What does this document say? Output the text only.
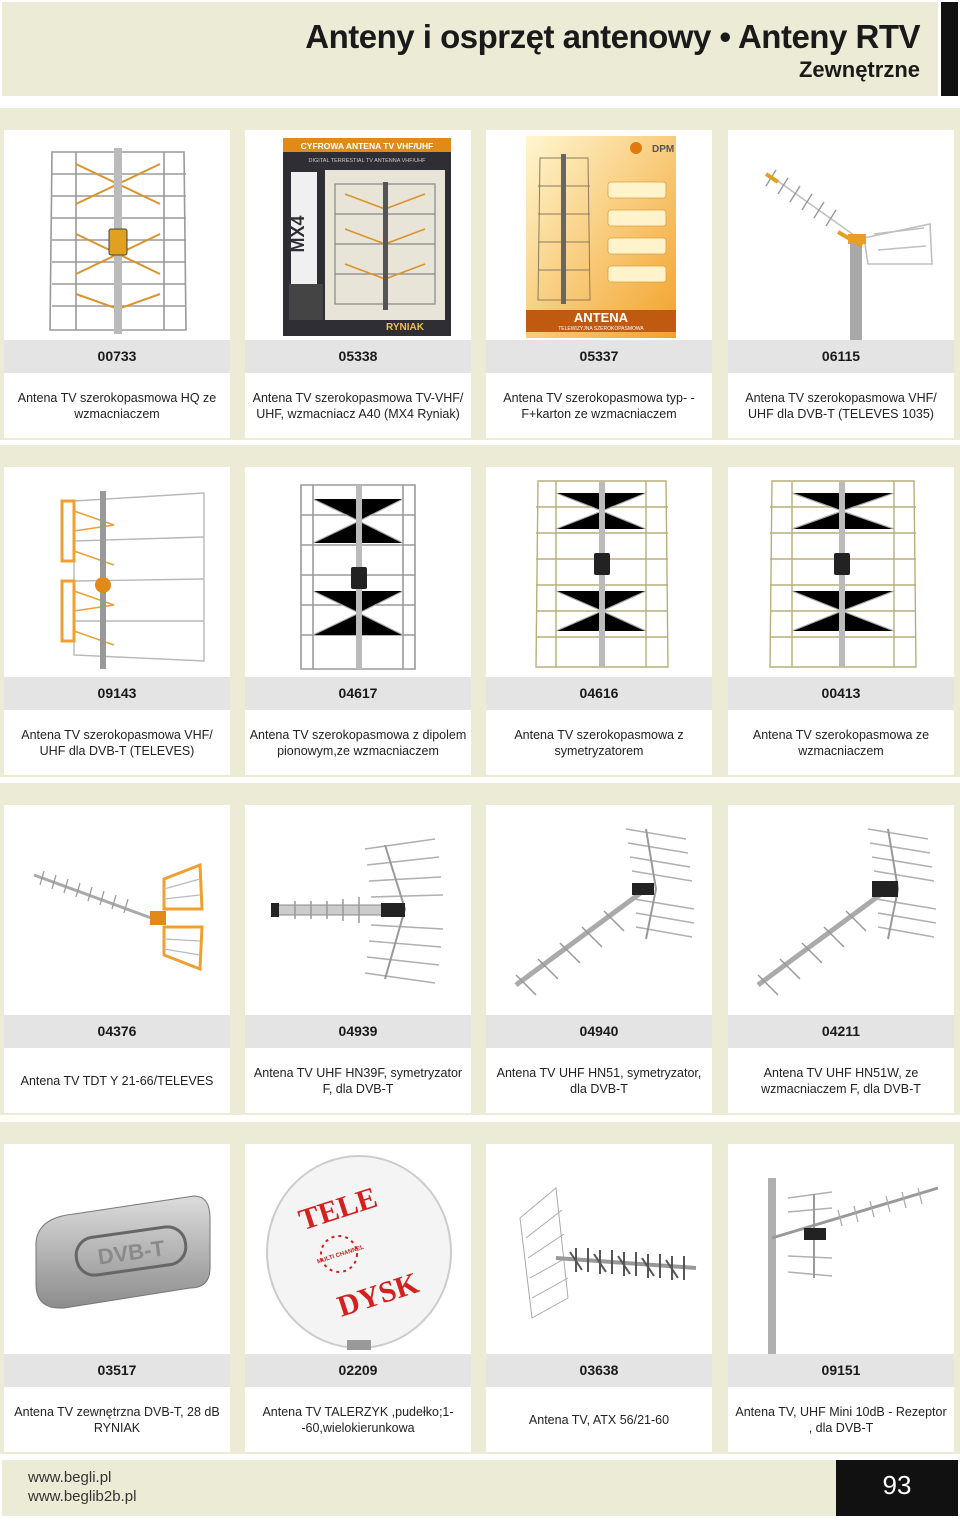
Anteny i osprzęt antenowy • Anteny RTV
Zewnętrzne
00733
Antena TV szerokopasmowa HQ ze wzmacniaczem
CYFROWA ANTENA TV VHF/UHF
DIGITAL TERRESTIAL TV ANTENNA VHF/UHF
MX4
RYNIAK
05338
Antena TV szerokopasmowa TV-VHF/ UHF, wzmacniacz A40 (MX4 Ryniak)
DPM
ANTENA
TELEWIZYJNA SZEROKOPASMOWA
05337
Antena TV szerokopasmowa typ- -F+karton ze wzmacniaczem
06115
Antena TV szerokopasmowa VHF/ UHF dla DVB-T (TELEVES 1035)
09143
Antena TV szerokopasmowa VHF/ UHF dla DVB-T (TELEVES)
04617
Antena TV szerokopasmowa z dipolem pionowym,ze wzmacniaczem
04616
Antena TV szerokopasmowa z symetryzatorem
00413
Antena TV szerokopasmowa ze wzmacniaczem
04376
Antena TV TDT Y 21-66/TELEVES
04939
Antena TV UHF HN39F, symetryzator F, dla DVB-T
04940
Antena TV UHF HN51, symetryzator, dla DVB-T
04211
Antena TV UHF HN51W, ze wzmacniaczem F, dla DVB-T
DVB-T
03517
Antena TV zewnętrzna DVB-T, 28 dB RYNIAK
TELE
DYSK
MULTI CHANNEL
02209
Antena TV TALERZYK ,pudełko;1- -60,wielokierunkowa
03638
Antena TV, ATX 56/21-60
09151
Antena TV, UHF Mini 10dB - Rezeptor , dla DVB-T
www.begli.pl
www.beglib2b.pl	93
